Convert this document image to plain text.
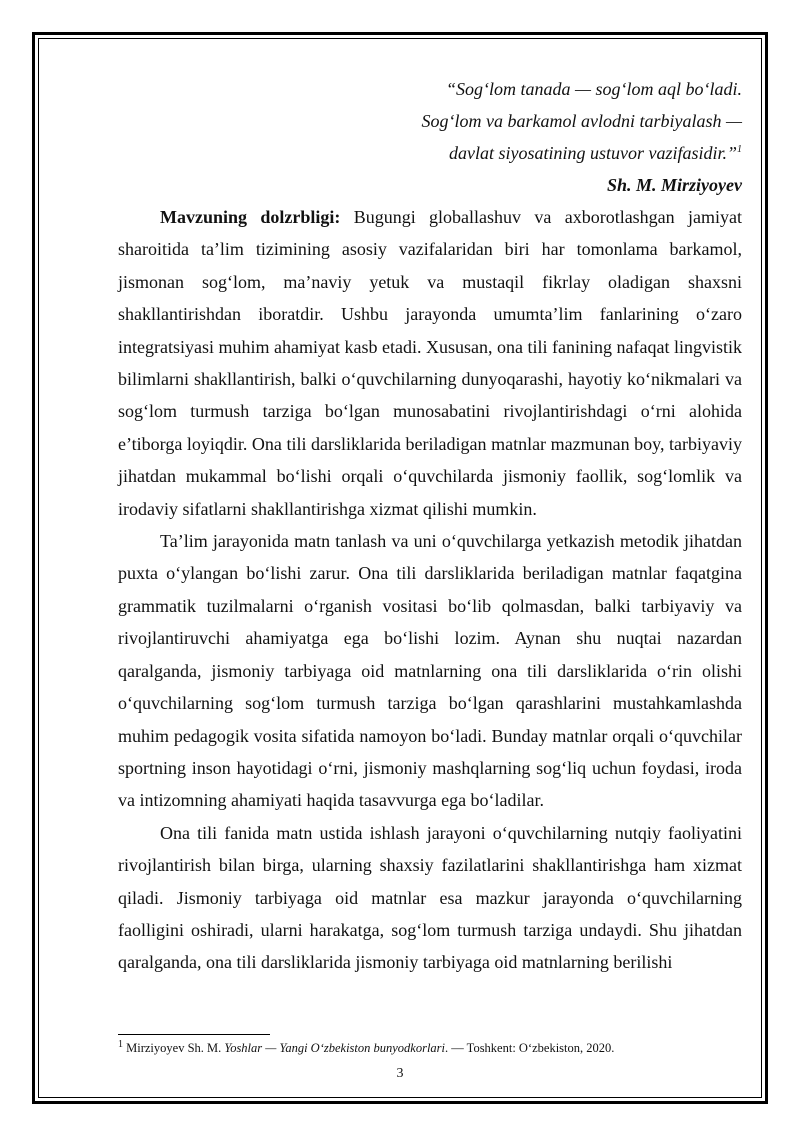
“Sog‘lom tanada — sog‘lom aql bo‘ladi.
Sog‘lom va barkamol avlodni tarbiyalash —
davlat siyosatining ustuvor vazifasidir.”$^1$
Sh. M. Mirziyoyev

Mavzuning dolzrbligi: Bugungi globallashuv va axborotlashgan jamiyat sharoitida ta’lim tizimining asosiy vazifalaridan biri har tomonlama barkamol, jismonan sog‘lom, ma’naviy yetuk va mustaqil fikrlay oladigan shaxsni shakllantirishdan iboratdir. Ushbu jarayonda umumta’lim fanlarining o‘zaro integratsiyasi muhim ahamiyat kasb etadi. Xususan, ona tili fanining nafaqat lingvistik bilimlarni shakllantirish, balki o‘quvchilarning dunyoqarashi, hayotiy ko‘nikmalari va sog‘lom turmush tarziga bo‘lgan munosabatini rivojlantirishdagi o‘rni alohida e’tiborga loyiqdir. Ona tili darsliklarida beriladigan matnlar mazmunan boy, tarbiyaviy jihatdan mukammal bo‘lishi orqali o‘quvchilarda jismoniy faollik, sog‘lomlik va irodaviy sifatlarni shakllantirishga xizmat qilishi mumkin.

Ta’lim jarayonida matn tanlash va uni o‘quvchilarga yetkazish metodik jihatdan puxta o‘ylangan bo‘lishi zarur. Ona tili darsliklarida beriladigan matnlar faqatgina grammatik tuzilmalarni o‘rganish vositasi bo‘lib qolmasdan, balki tarbiyaviy va rivojlantiruvchi ahamiyatga ega bo‘lishi lozim. Aynan shu nuqtai nazardan qaralganda, jismoniy tarbiyaga oid matnlarning ona tili darsliklarida o‘rin olishi o‘quvchilarning sog‘lom turmush tarziga bo‘lgan qarashlarini mustahkamlashda muhim pedagogik vosita sifatida namoyon bo‘ladi. Bunday matnlar orqali o‘quvchilar sportning inson hayotidagi o‘rni, jismoniy mashqlarning sog‘liq uchun foydasi, iroda va intizomning ahamiyati haqida tasavvurga ega bo‘ladilar.

Ona tili fanida matn ustida ishlash jarayoni o‘quvchilarning nutqiy faoliyatini rivojlantirish bilan birga, ularning shaxsiy fazilatlarini shakllantirishga ham xizmat qiladi. Jismoniy tarbiyaga oid matnlar esa mazkur jarayonda o‘quvchilarning faolligini oshiradi, ularni harakatga, sog‘lom turmush tarziga undaydi. Shu jihatdan qaralganda, ona tili darsliklarida jismoniy tarbiyaga oid matnlarning berilishi

$^1$ Mirziyoyev Sh. M. Yoshlar — Yangi O‘zbekiston bunyodkorlari. — Toshkent: O‘zbekiston, 2020.
3
